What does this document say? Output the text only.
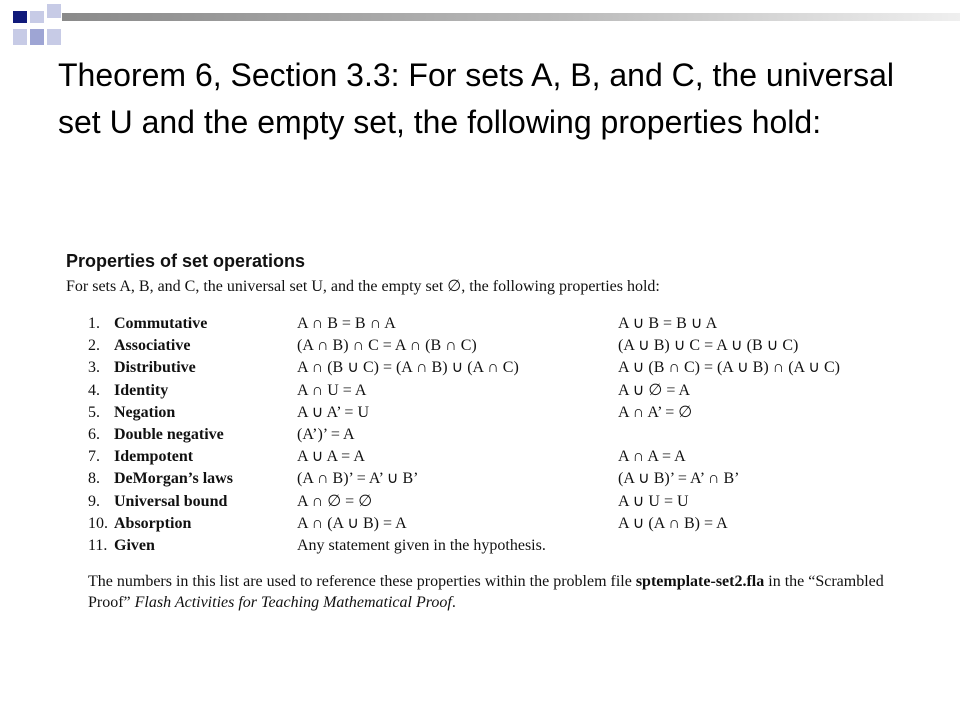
Theorem 6, Section 3.3: For sets A, B, and C, the universal set U and the empty set, the following properties hold:

Properties of set operations

For sets A, B, and C, the universal set U, and the empty set ∅, the following properties hold:

1. Commutative	A ∩ B = B ∩ A	A ∪ B = B ∪ A
2. Associative	(A ∩ B) ∩ C = A ∩ (B ∩ C)	(A ∪ B) ∪ C = A ∪ (B ∪ C)
3. Distributive	A ∩ (B ∪ C) = (A ∩ B) ∪ (A ∩ C)	A ∪ (B ∩ C) = (A ∪ B) ∩ (A ∪ C)
4. Identity	A ∩ U = A	A ∪ ∅ = A
5. Negation	A ∪ A’ = U	A ∩ A’ = ∅
6. Double negative	(A’)’ = A
7. Idempotent	A ∪ A = A	A ∩ A = A
8. DeMorgan’s laws	(A ∩ B)’ = A’ ∪ B’	(A ∪ B)’ = A’ ∩ B’
9. Universal bound	A ∩ ∅ = ∅	A ∪ U = U
10. Absorption	A ∩ (A ∪ B) = A	A ∪ (A ∩ B) = A
11. Given	Any statement given in the hypothesis.

The numbers in this list are used to reference these properties within the problem file sptemplate-set2.fla in the “Scrambled Proof” Flash Activities for Teaching Mathematical Proof.
